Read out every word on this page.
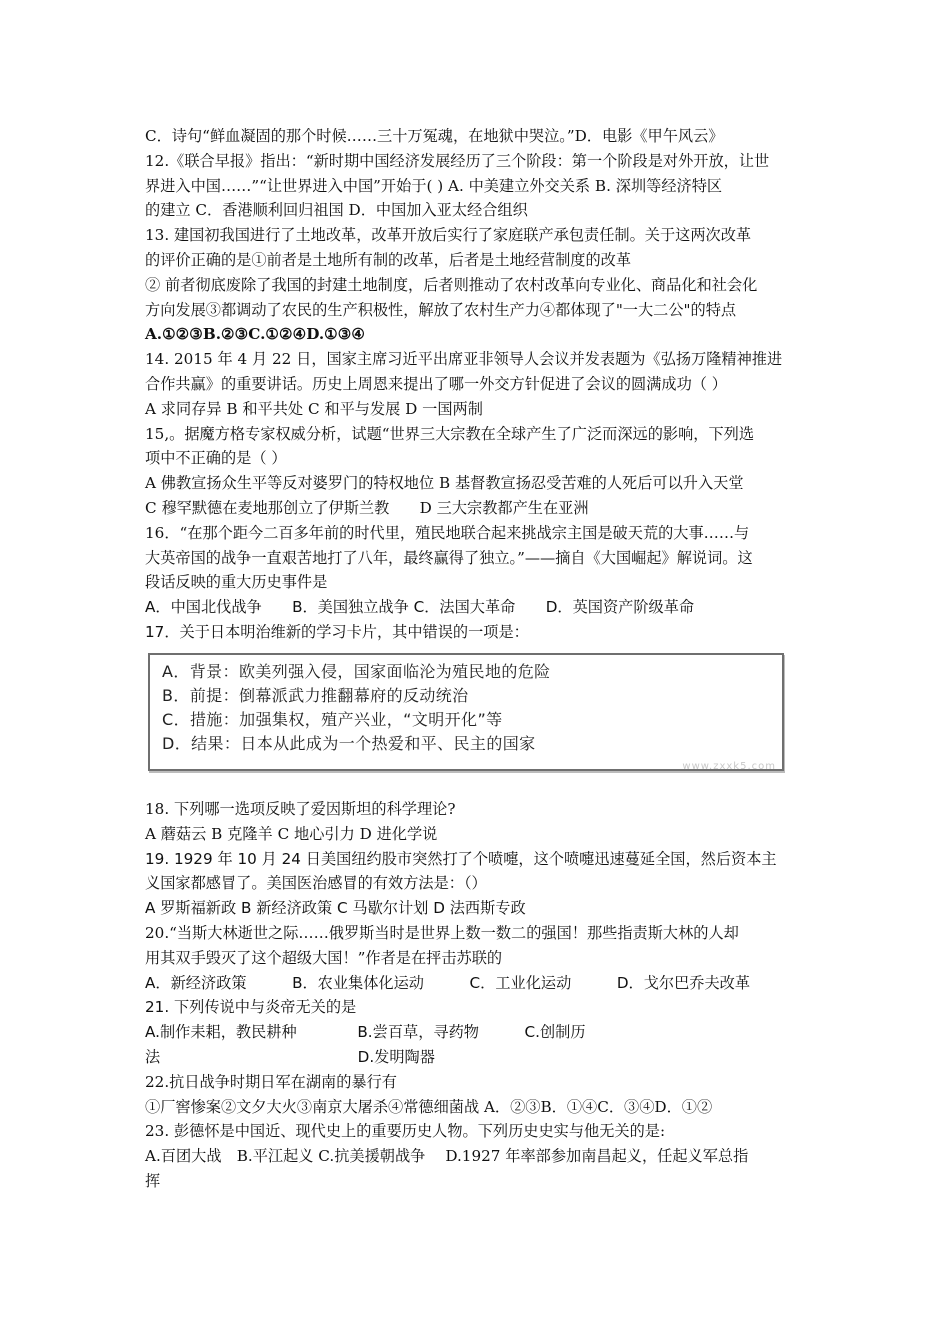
C．诗句“鲜血凝固的那个时候……三十万冤魂，在地狱中哭泣。”D．电影《甲午风云》
12.《联合早报》指出：“新时期中国经济发展经历了三个阶段：第一个阶段是对外开放，让世
界进入中国……”“让世界进入中国”开始于( ) A. 中美建立外交关系 B. 深圳等经济特区
的建立 C．香港顺利回归祖国 D．中国加入亚太经合组织
13. 建国初我国进行了土地改革，改革开放后实行了家庭联产承包责任制。关于这两次改革
的评价正确的是①前者是土地所有制的改革，后者是土地经营制度的改革
② 前者彻底废除了我国的封建土地制度，后者则推动了农村改革向专业化、商品化和社会化
方向发展③都调动了农民的生产积极性，解放了农村生产力④都体现了"一大二公"的特点
A.①②③B.②③C.①②④D.①③④
14. 2015 年 4 月 22 日，国家主席习近平出席亚非领导人会议并发表题为《弘扬万隆精神推进
合作共赢》的重要讲话。历史上周恩来提出了哪一外交方针促进了会议的圆满成功（ ）
A 求同存异 B 和平共处 C 和平与发展 D 一国两制
15,。据魔方格专家权威分析，试题“世界三大宗教在全球产生了广泛而深远的影响，下列选
项中不正确的是（ ）
A 佛教宣扬众生平等反对婆罗门的特权地位 B 基督教宣扬忍受苦难的人死后可以升入天堂
C 穆罕默德在麦地那创立了伊斯兰教　　D 三大宗教都产生在亚洲
16．“在那个距今二百多年前的时代里，殖民地联合起来挑战宗主国是破天荒的大事……与
大英帝国的战争一直艰苦地打了八年，最终赢得了独立。”——摘自《大国崛起》解说词。这
段话反映的重大历史事件是
A．中国北伐战争　　B．美国独立战争 C．法国大革命　　D．英国资产阶级革命
17．关于日本明治维新的学习卡片，其中错误的一项是：
A．背景：欧美列强入侵，国家面临沦为殖民地的危险
B．前提：倒幕派武力推翻幕府的反动统治
C．措施：加强集权，殖产兴业，“文明开化”等
D．结果：日本从此成为一个热爱和平、民主的国家
www.zxxk5.com
18. 下列哪一选项反映了爱因斯坦的科学理论?
A 蘑菇云 B 克隆羊 C 地心引力 D 进化学说
19. 1929 年 10 月 24 日美国纽约股市突然打了个喷嚏，这个喷嚏迅速蔓延全国，然后资本主
义国家都感冒了。美国医治感冒的有效方法是：（）
A 罗斯福新政 B 新经济政策 C 马歇尔计划 D 法西斯专政
20.“当斯大林逝世之际……俄罗斯当时是世界上数一数二的强国！那些指责斯大林的人却
用其双手毁灭了这个超级大国！”作者是在抨击苏联的
A．新经济政策　　　B．农业集体化运动　　　C．工业化运动　　　D．戈尔巴乔夫改革
21. 下列传说中与炎帝无关的是
A.制作耒耜，教民耕种　　　　B.尝百草，寻药物　　　C.创制历
法　　　　　　　　　　　　　D.发明陶器
22.抗日战争时期日军在湖南的暴行有
①厂窖惨案②文夕大火③南京大屠杀④常德细菌战 A．②③B．①④C．③④D．①②
23. 彭德怀是中国近、现代史上的重要历史人物。下列历史史实与他无关的是:
A.百团大战　B.平江起义 C.抗美援朝战争　 D.1927 年率部参加南昌起义，任起义军总指
挥
